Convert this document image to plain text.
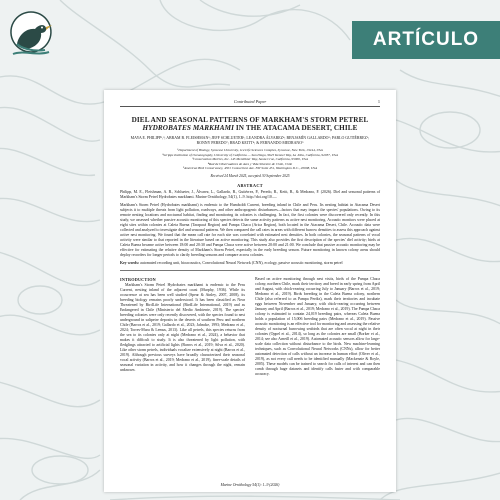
ARTÍCULO
Contributed Paper	1
DIEL AND SEASONAL PATTERNS OF MARKHAM'S STORM PETREL
HYDROBATES MARKHAMI IN THE ATACAMA DESERT, CHILE
MAYA E. PHILIPP¹,²; ABRAM B. FLEISHMAN³; JEFF SCHLUETER¹; LEANDRA ÁLVAREZ⁴; BENJAMÍN GALLARDO⁵; PABLO GUTIÉRREZ⁶; RONNY PEREDO⁷; BRAD KEITT⁸; & FERNANDO MEDRANO⁹
¹Department of Biology, Syracuse University, 114 Life Sciences Complex, Syracuse, New York, 13244, USA
²Scripps Institution of Oceanography, University of California — San Diego, 9625 Kennel Way, La Jolla, California, 92037, USA
³Conservation Metrics, Inc. 145 McAllister Way, Santa Cruz, California, 95060, USA
⁴Red de Observadores de Aves y Vida Silvestre de Chile, Chile
⁵American Bird Conservancy, 4301 Connecticut Ave. NW Suite 451, Washington D.C., 20008, USA
Received 24 March 2025, accepted 30 September 2025
ABSTRACT

Philipp, M. E., Fleishman, A. B., Schlueter, J., Álvarez, L., Gallardo, B., Gutiérrez, P., Peredo, R., Keitt, B., & Medrano, F. (2026). Diel and seasonal patterns of Markham's Storm Petrel Hydrobates markhami. Marine Ornithology, 54(1), 1–9. http://doi.org/10.—

Markham's Storm Petrel (Hydrobates markhami) is endemic to the Humboldt Current, breeding inland in Chile and Peru. Its nesting habitat in Atacama Desert subjects it to multiple threats from light pollution, roadways, and other anthropogenic disturbances—factors that may impact the species' populations. Owing to its remote nesting locations and nocturnal habitat, finding and monitoring its colonies is challenging. In fact, the first colonies were discovered only recently. In this study, we assessed whether passive acoustic monitoring of this species detects the same activity patterns as active nest monitoring. Acoustic monitors were placed at eight sites within colonies at Caleta Buena (Tarapacá Region) and Pampa Chaca (Arica Region), both located in the Atacama Desert, Chile. Acoustic data were collected and analyzed to investigate diel and seasonal patterns. We then compared the call rates in areas with different burrow densities to assess this approach against active nest monitoring. We found that the mean call rate for each site was correlated with estimated nest densities. In both colonies, the seasonal patterns of vocal activity were similar to that reported in the literature based on active monitoring. This study also provides the first description of the species' diel activity; birds at Caleta Buena became active between 18:00 and 20:30 and Pampa Chaca were active between 20:00 and 21:00. We conclude that passive acoustic monitoring may be effective for estimating the relative density of Markham's Storm Petrel, especially in the early breeding season. Future monitoring in known colony areas should deploy recorders for longer periods to clarify breeding seasons and compare across colonies.

Key words: automated recording unit, bioacoustics, Convolutional Neural Network (CNN), ecology, passive acoustic monitoring, storm petrel
INTRODUCTION

Markham's Storm Petrel Hydrobates markhami is endemic to the Peru Current, nesting inland of the adjacent coast (Murphy, 1936). While its occurrence at sea has been well studied (Spear & Ainley, 2007, 2008), its breeding biology remains poorly understood. It has been classified as Near Threatened by BirdLife International (BirdLife International, 2019) and as Endangered in Chile (Ministerio del Medio Ambiente, 2019). The species' breeding colonies were only recently discovered, with the species found to nest underground in saltpetre deposits in the deserts of southern Peru and northern Chile (Barros et al., 2019; Gallardo et al., 2023; Jahncke, 1993; Medrano et al., 2024; Torres-Mura & Lemus, 2013). Like all petrels, this species returns from the sea to its colonies only at night (Medrano et al., 2024), a behavior that makes it difficult to study. It is also threatened by light pollution, with fledglings attracted to artificial lights (Barros et al., 2019; Silva et al., 2020). Like other storm petrels, individuals vocalize extensively at night (Barros et al., 2019). Although previous surveys have broadly characterized their seasonal vocal activity (Barros et al., 2019; Medrano et al., 2019), finer-scale details of seasonal variation in activity, and how it changes through the night, remain unknown.

Based on active monitoring through nest visits, birds of the Pampa Chaca colony, northern Chile, mark their territory and breed in early spring from April and August, with chick-rearing occurring July to January (Barros et al., 2019; Medrano et al., 2019). Birds breeding in the Caleta Buena colony, northern Chile (also referred to as Pampa Perdiz), mark their territories and incubate eggs between November and January, with chick-rearing occurring between January and April (Barros et al., 2019; Medrano et al., 2019). The Pampa Chaca colony is estimated to contain 24,019 breeding pairs, whereas Caleta Buena holds a population of 15,006 breeding pairs (Medrano et al., 2019). Passive acoustic monitoring is an effective tool for monitoring and assessing the relative density of nocturnal burrowing seabirds that are often vocal at night in their colonies (Oppel et al., 2014), so long as the colonies are small (Borker et al., 2014; see also Arneill et al., 2019). Automated acoustic sensors allow for large-scale data collection without disturbance to the birds. New machine-learning techniques, such as Convolutional Neural Networks (CNNs), allow for better automated detection of calls without an increase in human effort (Oliver et al., 2019), as not every call needs to be identified manually (Mackenzie & Royle, 2005). These models can be trained to search for calls of interest and can then comb through huge datasets and identify calls faster and with comparable accuracy.

Marine Ornithology 54(1): 1–9 (2026)
